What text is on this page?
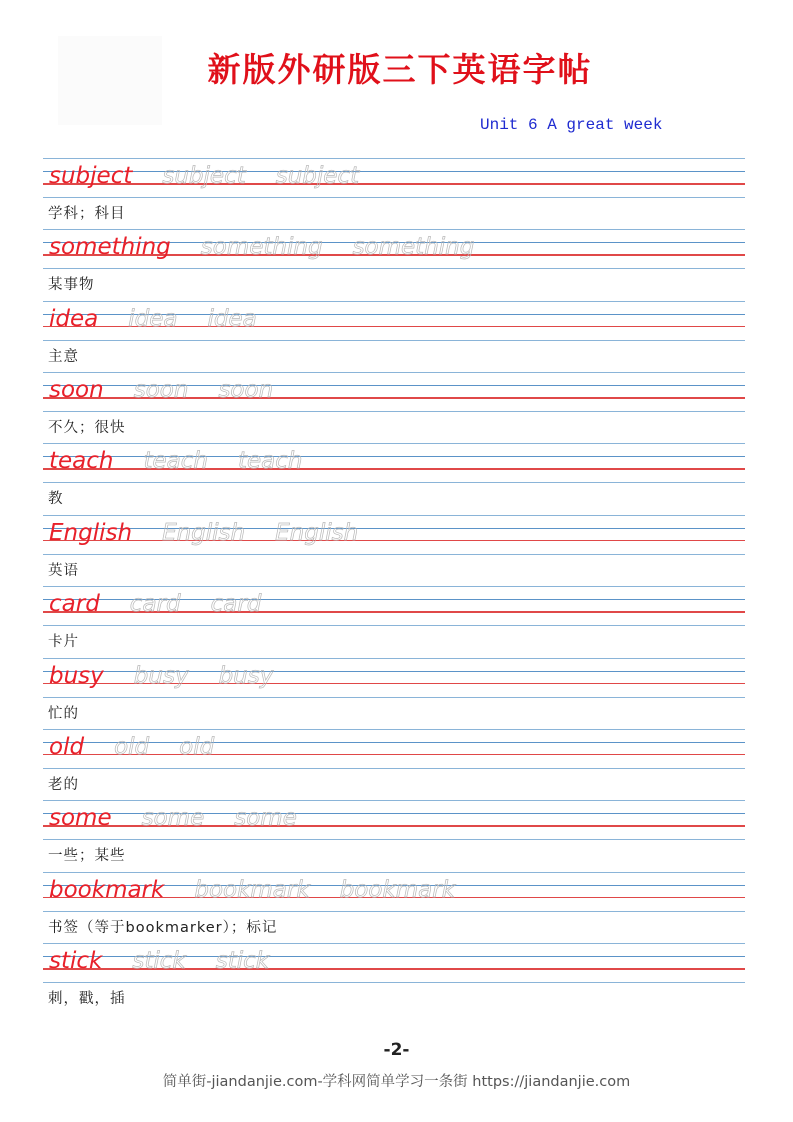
新版外研版三下英语字帖
Unit 6 A great week
subject subject subject
学科；科目
something something something
某事物
idea idea idea
主意
soon soon soon
不久；很快
teach teach teach
教
English English English
英语
card card card
卡片
busy busy busy
忙的
old old old
老的
some some some
一些；某些
bookmark bookmark bookmark
书签（等于bookmarker）；标记
stick stick stick
刺，戳，插
-2-
简单街-jiandanjie.com-学科网简单学习一条街 https://jiandanjie.com
